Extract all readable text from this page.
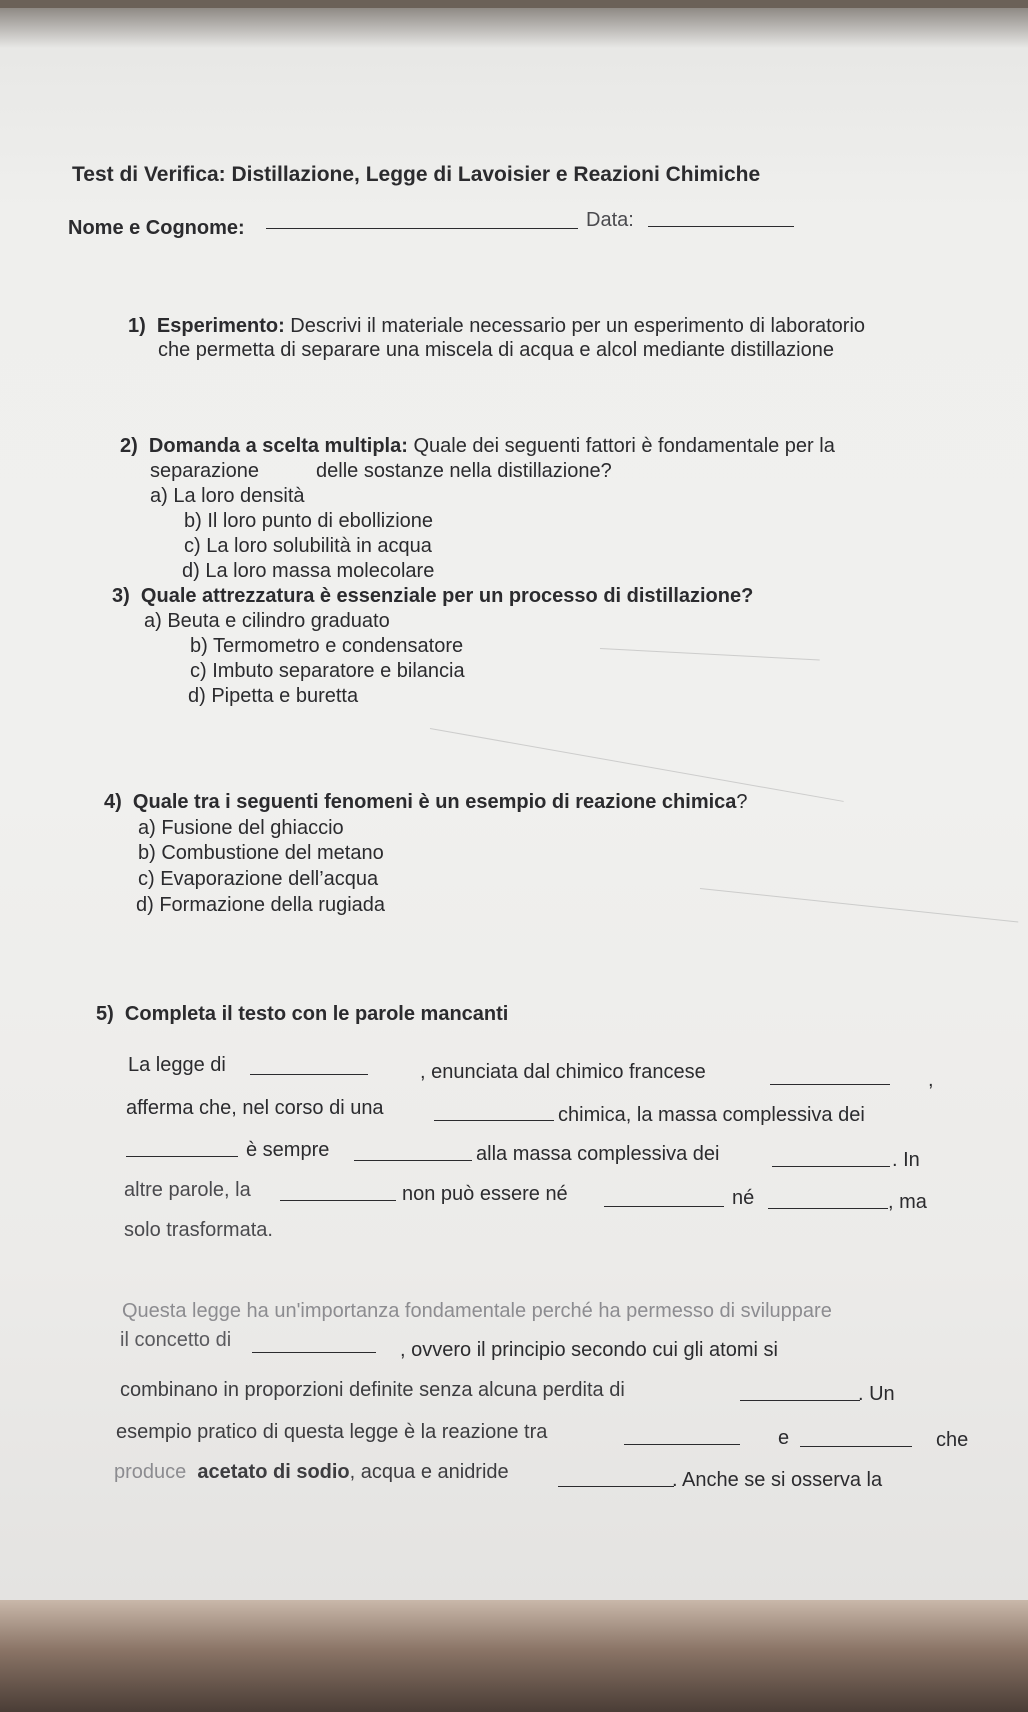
Test di Verifica: Distillazione, Legge di Lavoisier e Reazioni Chimiche
Nome e Cognome:	Data:
1) Esperimento: Descrivi il materiale necessario per un esperimento di laboratorio
che permetta di separare una miscela di acqua e alcol mediante distillazione
2) Domanda a scelta multipla: Quale dei seguenti fattori è fondamentale per la
separazione	delle sostanze nella distillazione?
a) La loro densità
b) Il loro punto di ebollizione
c) La loro solubilità in acqua
d) La loro massa molecolare
3) Quale attrezzatura è essenziale per un processo di distillazione?
a) Beuta e cilindro graduato
b) Termometro e condensatore
c) Imbuto separatore e bilancia
d) Pipetta e buretta
4) Quale tra i seguenti fenomeni è un esempio di reazione chimica?
a) Fusione del ghiaccio
b) Combustione del metano
c) Evaporazione dell’acqua
d) Formazione della rugiada
5) Completa il testo con le parole mancanti
La legge di	, enunciata dal chimico francese	,
afferma che, nel corso di una	chimica, la massa complessiva dei
è sempre	alla massa complessiva dei	. In
altre parole, la	non può essere né	né	, ma
solo trasformata.
Questa legge ha un'importanza fondamentale perché ha permesso di sviluppare
il concetto di	, ovvero il principio secondo cui gli atomi si
combinano in proporzioni definite senza alcuna perdita di	. Un
esempio pratico di questa legge è la reazione tra	e	che
produce acetato di sodio, acqua e anidride	. Anche se si osserva la
